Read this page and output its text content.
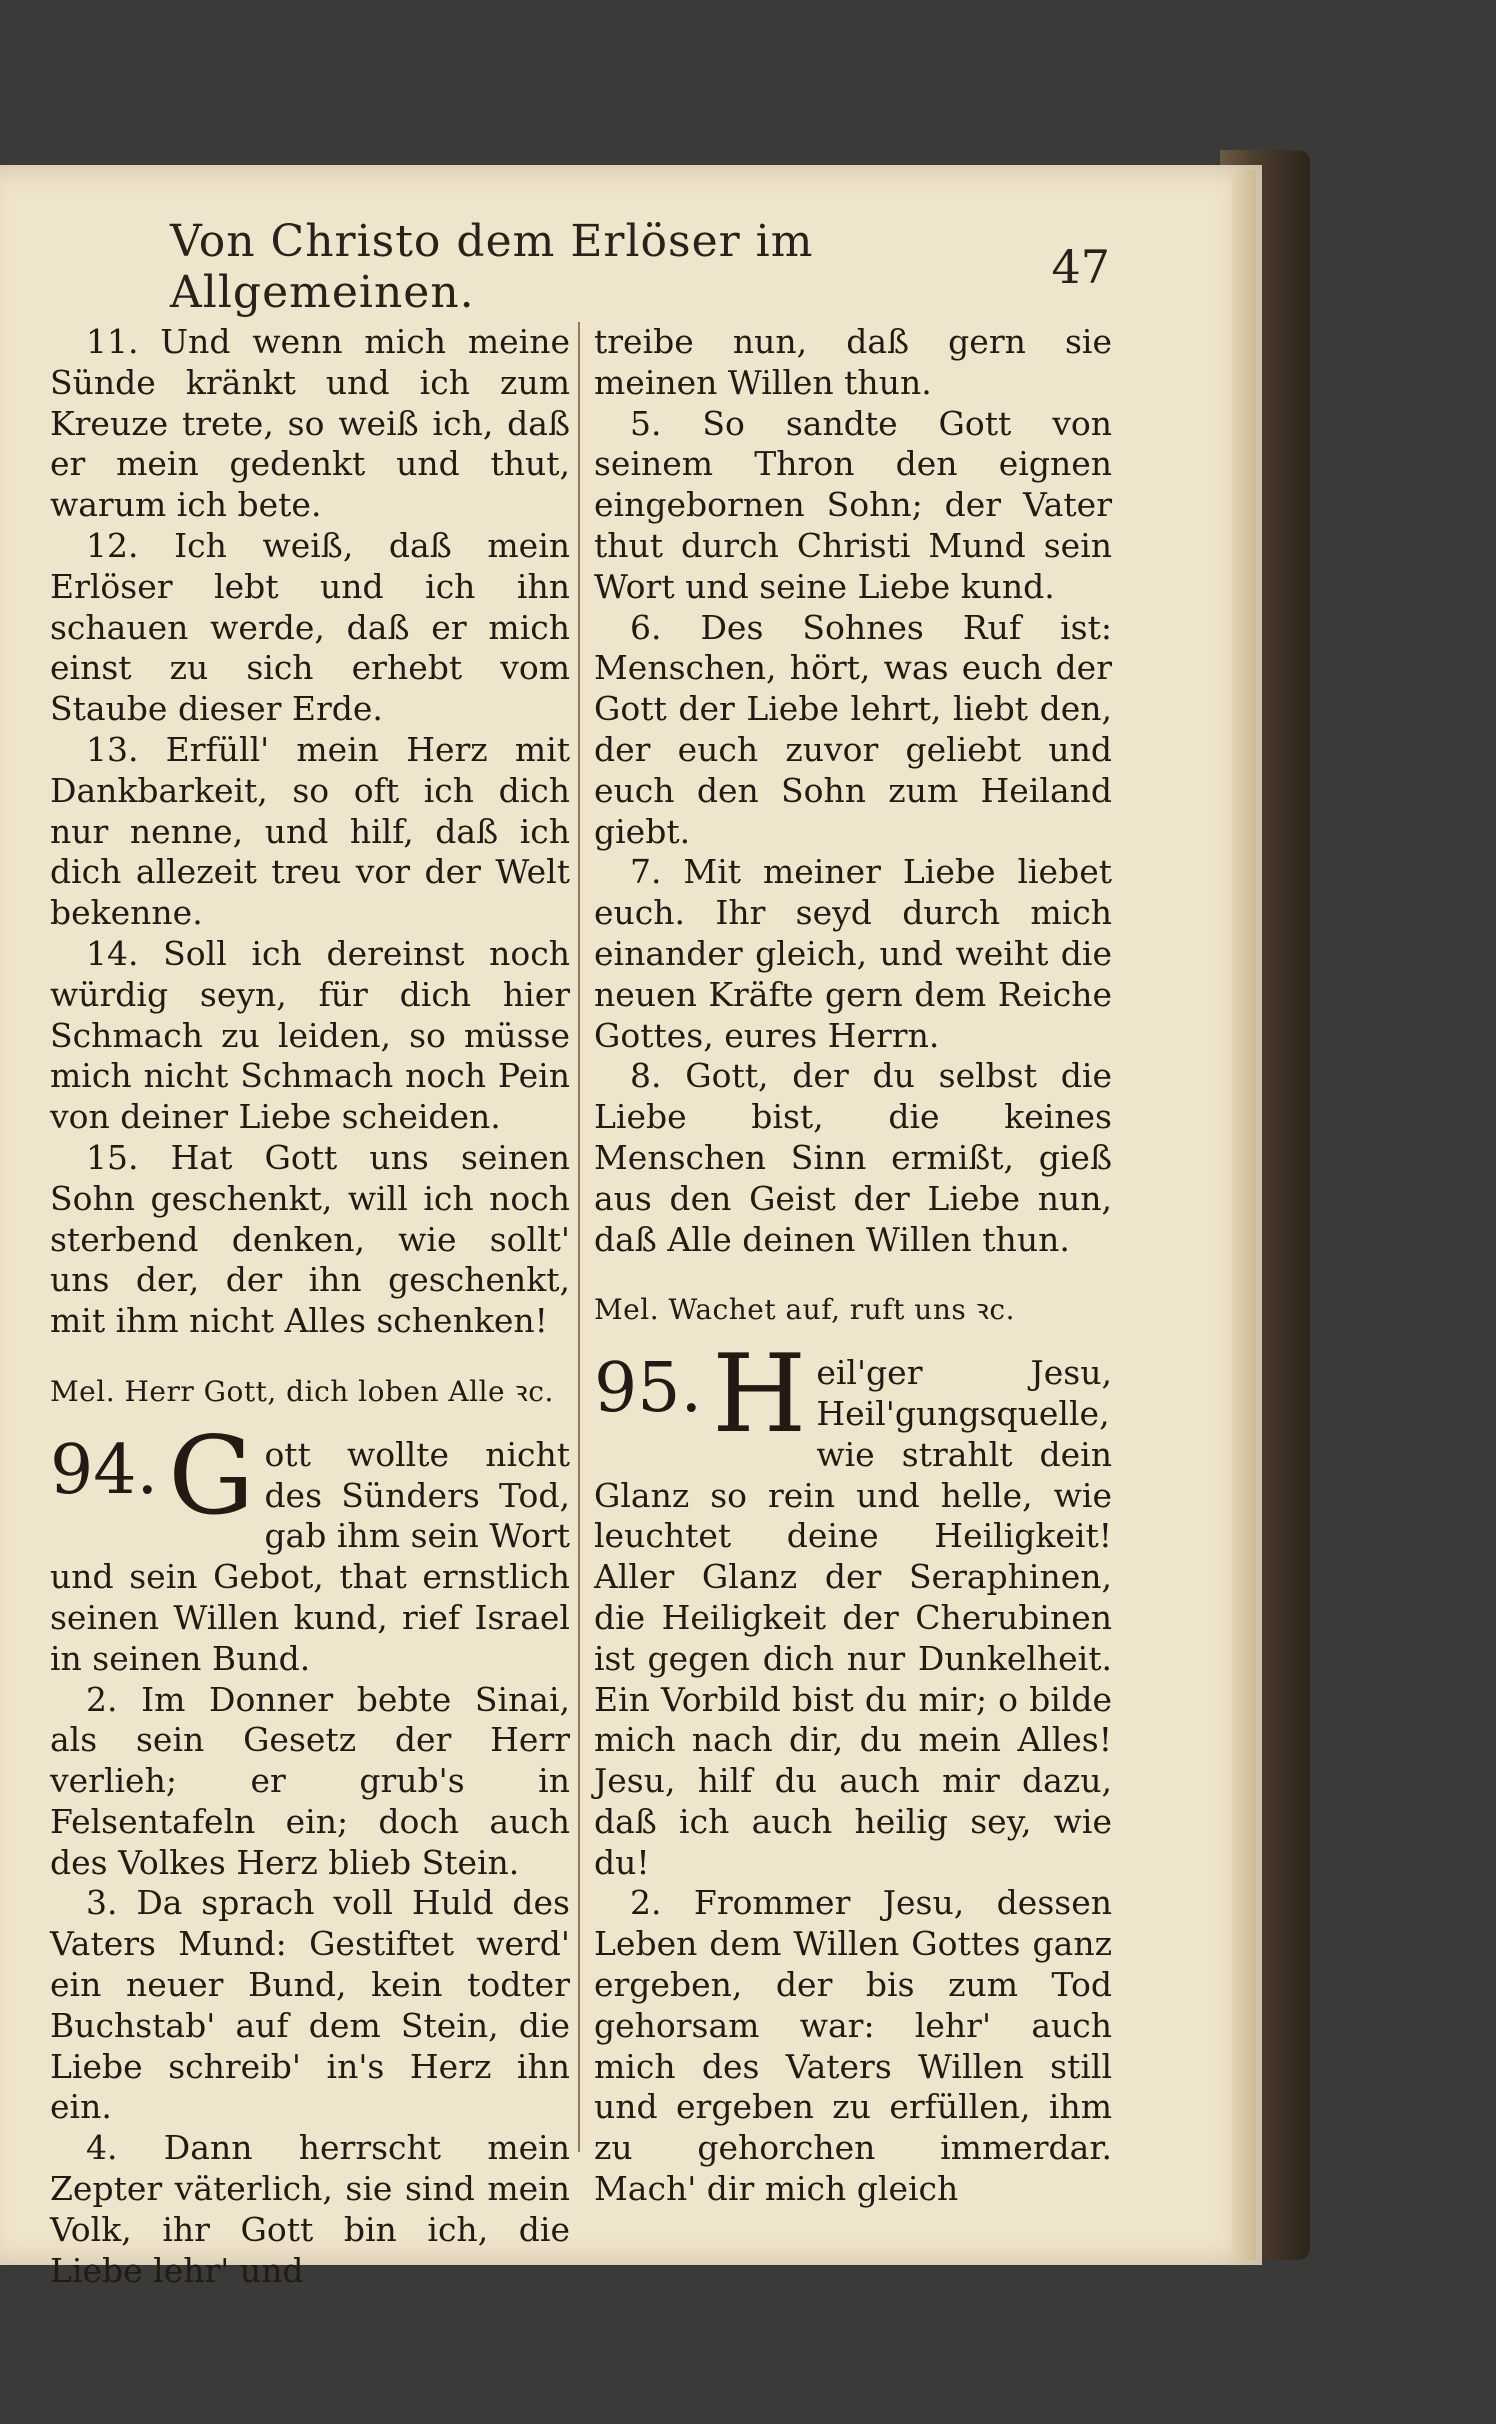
Von Christo dem Erlöser im Allgemeinen.	47

11. Und wenn mich meine Sünde kränkt und ich zum Kreuze trete, so weiß ich, daß er mein gedenkt und thut, warum ich bete.

12. Ich weiß, daß mein Erlöser lebt und ich ihn schauen werde, daß er mich einst zu sich erhebt vom Staube dieser Erde.

13. Erfüll' mein Herz mit Dankbarkeit, so oft ich dich nur nenne, und hilf, daß ich dich allezeit treu vor der Welt bekenne.

14. Soll ich dereinst noch würdig seyn, für dich hier Schmach zu leiden, so müsse mich nicht Schmach noch Pein von deiner Liebe scheiden.

15. Hat Gott uns seinen Sohn geschenkt, will ich noch sterbend denken, wie sollt' uns der, der ihn geschenkt, mit ihm nicht Alles schenken!

Mel. Herr Gott, dich loben Alle ꝛc.

94. G ott wollte nicht des Sünders Tod, gab ihm sein Wort und sein Gebot, that ernstlich seinen Willen kund, rief Israel in seinen Bund.

2. Im Donner bebte Sinai, als sein Gesetz der Herr verlieh; er grub's in Felsentafeln ein; doch auch des Volkes Herz blieb Stein.

3. Da sprach voll Huld des Vaters Mund: Gestiftet werd' ein neuer Bund, kein todter Buchstab' auf dem Stein, die Liebe schreib' in's Herz ihn ein.

4. Dann herrscht mein Zepter väterlich, sie sind mein Volk, ihr Gott bin ich, die Liebe lehr' und

treibe nun, daß gern sie meinen Willen thun.

5. So sandte Gott von seinem Thron den eignen eingebornen Sohn; der Vater thut durch Christi Mund sein Wort und seine Liebe kund.

6. Des Sohnes Ruf ist: Menschen, hört, was euch der Gott der Liebe lehrt, liebt den, der euch zuvor geliebt und euch den Sohn zum Heiland giebt.

7. Mit meiner Liebe liebet euch. Ihr seyd durch mich einander gleich, und weiht die neuen Kräfte gern dem Reiche Gottes, eures Herrn.

8. Gott, der du selbst die Liebe bist, die keines Menschen Sinn ermißt, gieß aus den Geist der Liebe nun, daß Alle deinen Willen thun.

Mel. Wachet auf, ruft uns ꝛc.

95. H eil'ger Jesu, Heil'gungsquelle, wie strahlt dein Glanz so rein und helle, wie leuchtet deine Heiligkeit! Aller Glanz der Seraphinen, die Heiligkeit der Cherubinen ist gegen dich nur Dunkelheit. Ein Vorbild bist du mir; o bilde mich nach dir, du mein Alles! Jesu, hilf du auch mir dazu, daß ich auch heilig sey, wie du!

2. Frommer Jesu, dessen Leben dem Willen Gottes ganz ergeben, der bis zum Tod gehorsam war: lehr' auch mich des Vaters Willen still und ergeben zu erfüllen, ihm zu gehorchen immerdar. Mach' dir mich gleich
